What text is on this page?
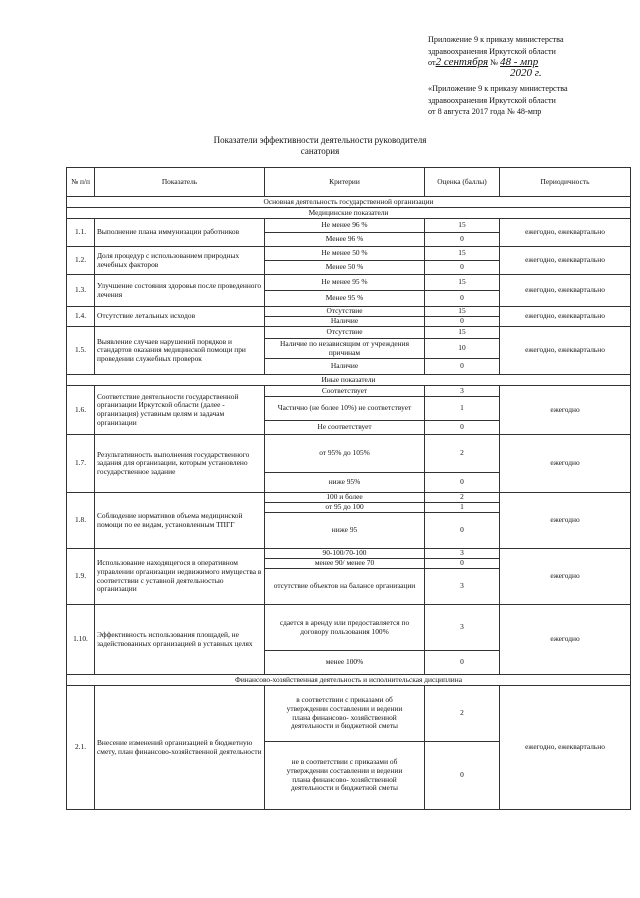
Приложение 9 к приказу министерства
здравоохранения Иркутской области
от2 сентября № 48 - мпр
2020 г.
«Приложение 9 к приказу министерства
здравоохранения Иркутской области
от 8 августа 2017 года № 48-мпр
Показатели эффективности деятельности руководителя
санатория
№ п/п	Показатель	Критерии	Оценка (баллы)	Периодичность
Основная деятельность государственной организации				
Медицинские показатели				
1.1.	Выполнение плана иммунизации работников	Не менее 96 %	15	ежегодно, ежеквартально
		Менее 96 %	0	
1.2.	Доля процедур с использованием природных лечебных факторов	Не менее 50 %	15	ежегодно, ежеквартально
		Менее 50 %	0	
1.3.	Улучшение состояния здоровья после проведенного лечения	Не менее 95 %	15	ежегодно, ежеквартально
		Менее 95 %	0	
1.4.	Отсутствие летальных исходов	Отсутствие	15	ежегодно, ежеквартально
		Наличие	0	
1.5.	Выявление случаев нарушений порядков и стандартов оказания медицинской помощи при проведении служебных проверок	Отсутствие	15	ежегодно, ежеквартально
		Наличие по независящим от учреждения причинам	10	
		Наличие	0	
Иные показатели				
1.6.	Соответствие деятельности государственной организации Иркутской области (далее - организация) уставным целям и задачам организации	Соответствует	3	ежегодно
		Частично (не более 10%) не соответствует	1	
		Не соответствует	0	
1.7.	Результативность выполнения государственного задания для организации, которым установлено государственное задание	от 95% до 105%	2	ежегодно
		ниже 95%	0	
1.8.	Соблюдение нормативов объема медицинской помощи по ее видам, установленным ТПГГ	100 и более	2	ежегодно
		от 95 до 100	1	
		ниже 95	0	
1.9.	Использование находящегося в оперативном управлении организации недвижимого имущества в соответствии с уставной деятельностью организации	90-100/70-100	3	ежегодно
		менее 90/ менее 70	0	
		отсутствие объектов на балансе организации	3	
1.10.	Эффективность использования площадей, не задействованных организацией в уставных целях	сдается в аренду или предоставляется по договору пользования 100%	3	ежегодно
		менее 100%	0	
Финансово-хозяйственная деятельность и исполнительская дисциплина				
2.1.	Внесение изменений организацией в бюджетную смету, план финансово-хозяйственной деятельности	в соответствии с приказами об утверждении составлении и ведении плана финансово- хозяйственной деятельности и бюджетной сметы	2	ежегодно, ежеквартально
		не в соответствии с приказами об утверждении составлении и ведении плана финансово- хозяйственной деятельности и бюджетной сметы	0	
